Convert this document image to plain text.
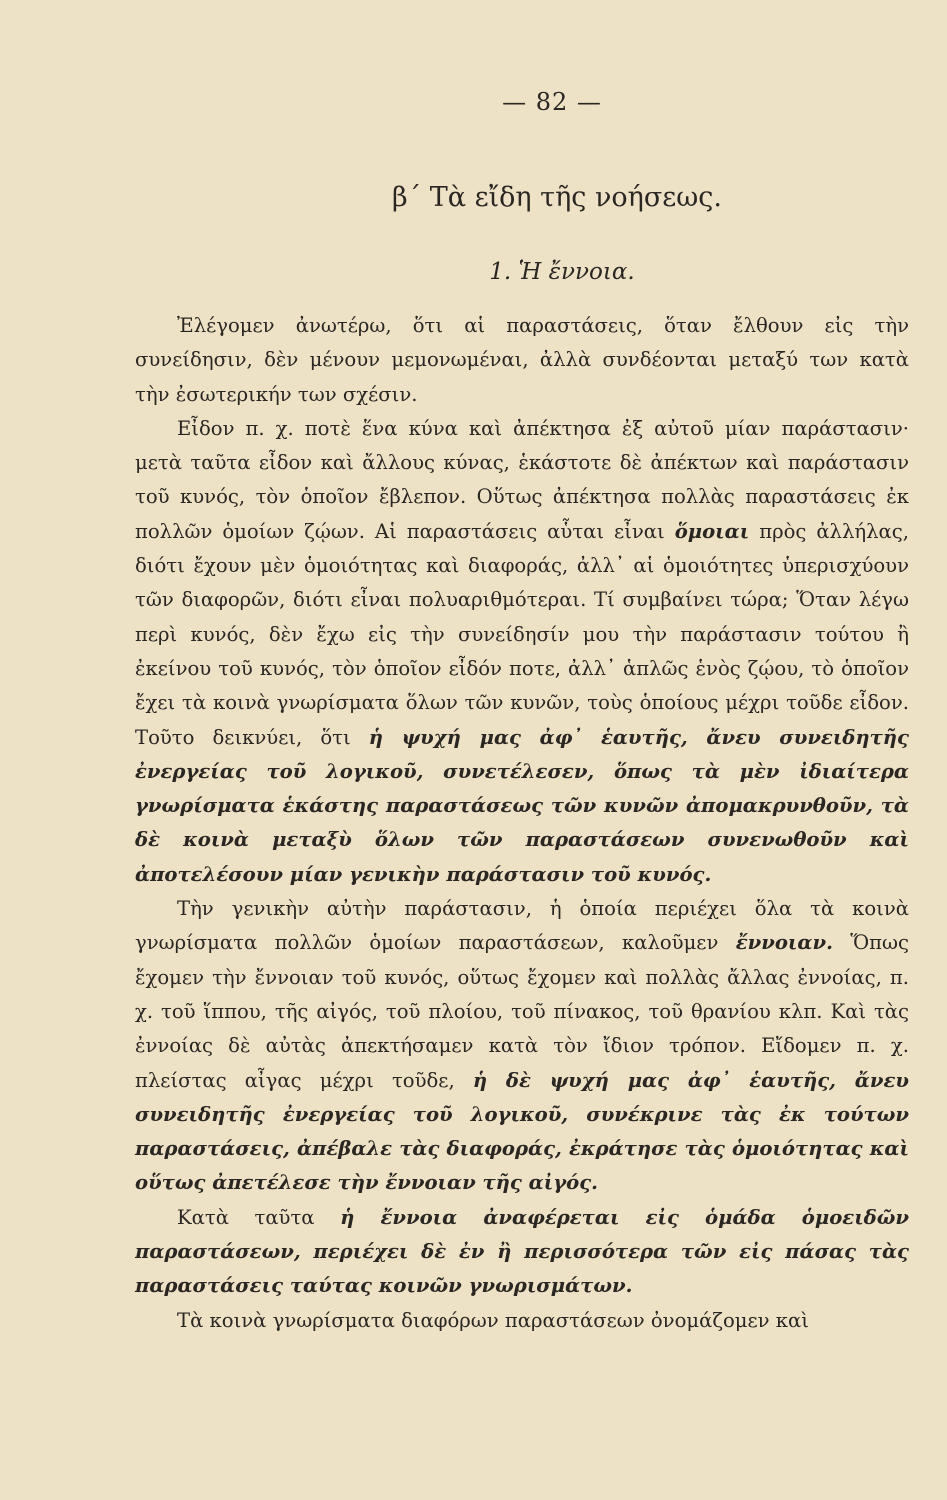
— 82 —
β΄ Τὰ εἴδη τῆς νοήσεως.
1. Ἡ ἔννοια.

Ἐλέγομεν ἀνωτέρω, ὅτι αἱ παραστάσεις, ὅταν ἔλθουν εἰς τὴν συνείδησιν, δὲν μένουν μεμονωμέναι, ἀλλὰ συνδέονται μεταξύ των κατὰ τὴν ἐσωτερικήν των σχέσιν.

Εἶδον π. χ. ποτὲ ἕνα κύνα καὶ ἀπέκτησα ἐξ αὐτοῦ μίαν παράστασιν· μετὰ ταῦτα εἶδον καὶ ἄλλους κύνας, ἑκάστοτε δὲ ἀπέκτων καὶ παράστασιν τοῦ κυνός, τὸν ὁποῖον ἔβλεπον. Οὕτως ἀπέκτησα πολλὰς παραστάσεις ἐκ πολλῶν ὁμοίων ζῴων. Αἱ παραστάσεις αὗται εἶναι ὅμοιαι πρὸς ἀλλήλας, διότι ἔχουν μὲν ὁμοιότητας καὶ διαφοράς, ἀλλ᾽ αἱ ὁμοιότητες ὑπερισχύουν τῶν διαφορῶν, διότι εἶναι πολυαριθμότεραι. Τί συμβαίνει τώρα; Ὅταν λέγω περὶ κυνός, δὲν ἔχω εἰς τὴν συνείδησίν μου τὴν παράστασιν τούτου ἢ ἐκείνου τοῦ κυνός, τὸν ὁποῖον εἶδόν ποτε, ἀλλ᾽ ἁπλῶς ἑνὸς ζῴου, τὸ ὁποῖον ἔχει τὰ κοινὰ γνωρίσματα ὅλων τῶν κυνῶν, τοὺς ὁποίους μέχρι τοῦδε εἶδον. Τοῦτο δεικνύει, ὅτι ἡ ψυχή μας ἀφ᾽ ἑαυτῆς, ἄνευ συνειδητῆς ἐνεργείας τοῦ λογικοῦ, συνετέλεσεν, ὅπως τὰ μὲν ἰδιαίτερα γνωρίσματα ἑκάστης παραστάσεως τῶν κυνῶν ἀπομακρυνθοῦν, τὰ δὲ κοινὰ μεταξὺ ὅλων τῶν παραστάσεων συνενωθοῦν καὶ ἀποτελέσουν μίαν γενικὴν παράστασιν τοῦ κυνός.

Τὴν γενικὴν αὐτὴν παράστασιν, ἡ ὁποία περιέχει ὅλα τὰ κοινὰ γνωρίσματα πολλῶν ὁμοίων παραστάσεων, καλοῦμεν ἔννοιαν. Ὅπως ἔχομεν τὴν ἔννοιαν τοῦ κυνός, οὕτως ἔχομεν καὶ πολλὰς ἄλλας ἐννοίας, π. χ. τοῦ ἵππου, τῆς αἰγός, τοῦ πλοίου, τοῦ πίνακος, τοῦ θρανίου κλπ. Καὶ τὰς ἐννοίας δὲ αὐτὰς ἀπεκτήσαμεν κατὰ τὸν ἴδιον τρόπον. Εἴδομεν π. χ. πλείστας αἶγας μέχρι τοῦδε, ἡ δὲ ψυχή μας ἀφ᾽ ἑαυτῆς, ἄνευ συνειδητῆς ἐνεργείας τοῦ λογικοῦ, συνέκρινε τὰς ἐκ τούτων παραστάσεις, ἀπέβαλε τὰς διαφοράς, ἐκράτησε τὰς ὁμοιότητας καὶ οὕτως ἀπετέλεσε τὴν ἔννοιαν τῆς αἰγός.

Κατὰ ταῦτα ἡ ἔννοια ἀναφέρεται εἰς ὁμάδα ὁμοειδῶν παραστάσεων, περιέχει δὲ ἐν ἢ περισσότερα τῶν εἰς πάσας τὰς παραστάσεις ταύτας κοινῶν γνωρισμάτων.

Τὰ κοινὰ γνωρίσματα διαφόρων παραστάσεων ὀνομάζομεν καὶ
